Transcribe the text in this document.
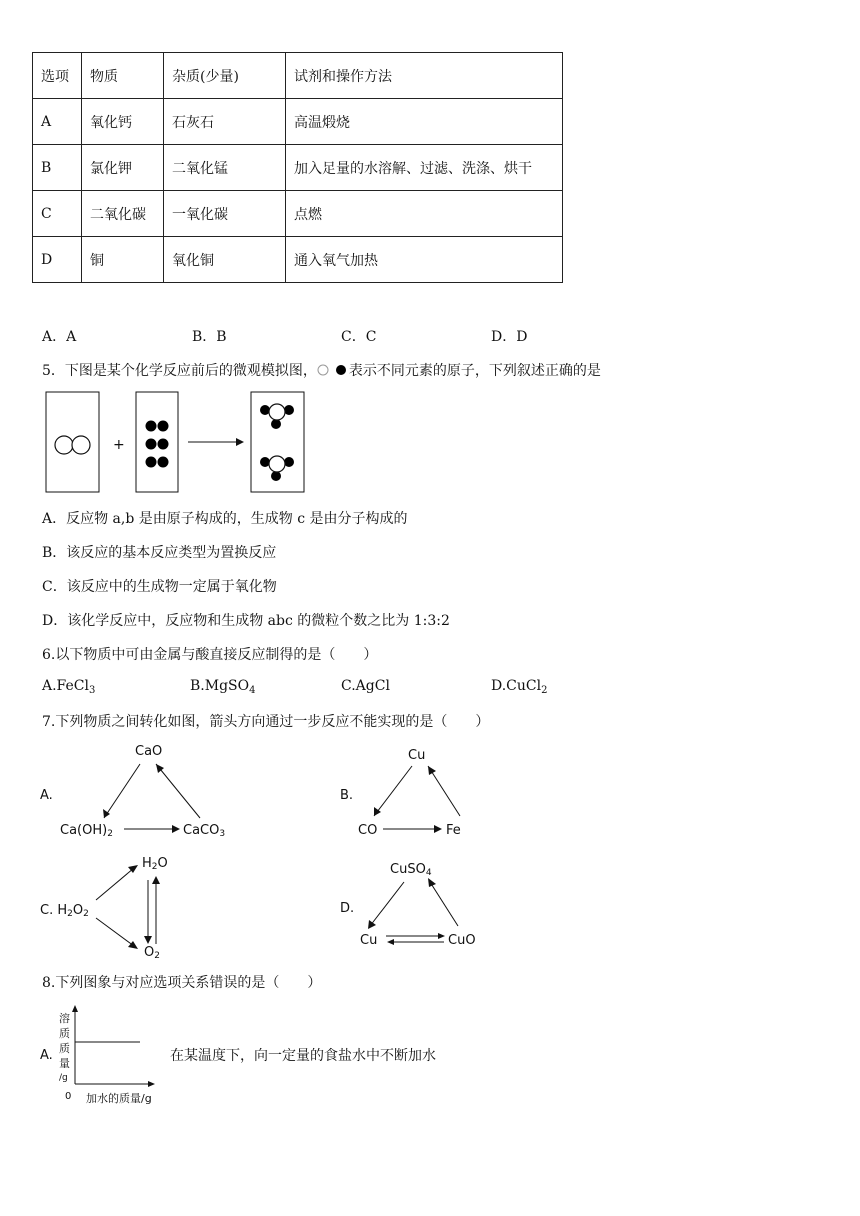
选项	物质	杂质(少量)	试剂和操作方法
A	氧化钙	石灰石	高温煅烧
B	氯化钾	二氧化锰	加入足量的水溶解、过滤、洗涤、烘干
C	二氧化碳	一氧化碳	点燃
D	铜	氧化铜	通入氧气加热
A．A	B．B	C．C	D．D
5．下图是某个化学反应前后的微观模拟图， 表示不同元素的原子，下列叙述正确的是
+
A．反应物 a,b 是由原子构成的，生成物 c 是由分子构成的
B．该反应的基本反应类型为置换反应
C．该反应中的生成物一定属于氧化物
D．该化学反应中，反应物和生成物 abc 的微粒个数之比为 1:3:2
6.以下物质中可由金属与酸直接反应制得的是（　　）
A.FeCl$_3$	B.MgSO$_4$	C.AgCl	D.CuCl$_2$
7.下列物质之间转化如图，箭头方向通过一步反应不能实现的是（　　）
A.
CaO
Ca(OH)2	CaCO3
B.
Cu
CO	Fe
C. H2O2
H2O
O2
D.
CuSO4
Cu	CuO
8.下列图象与对应选项关系错误的是（　　）
A.
溶
质
质
量
/g
0 加水的质量/g
在某温度下，向一定量的食盐水中不断加水
